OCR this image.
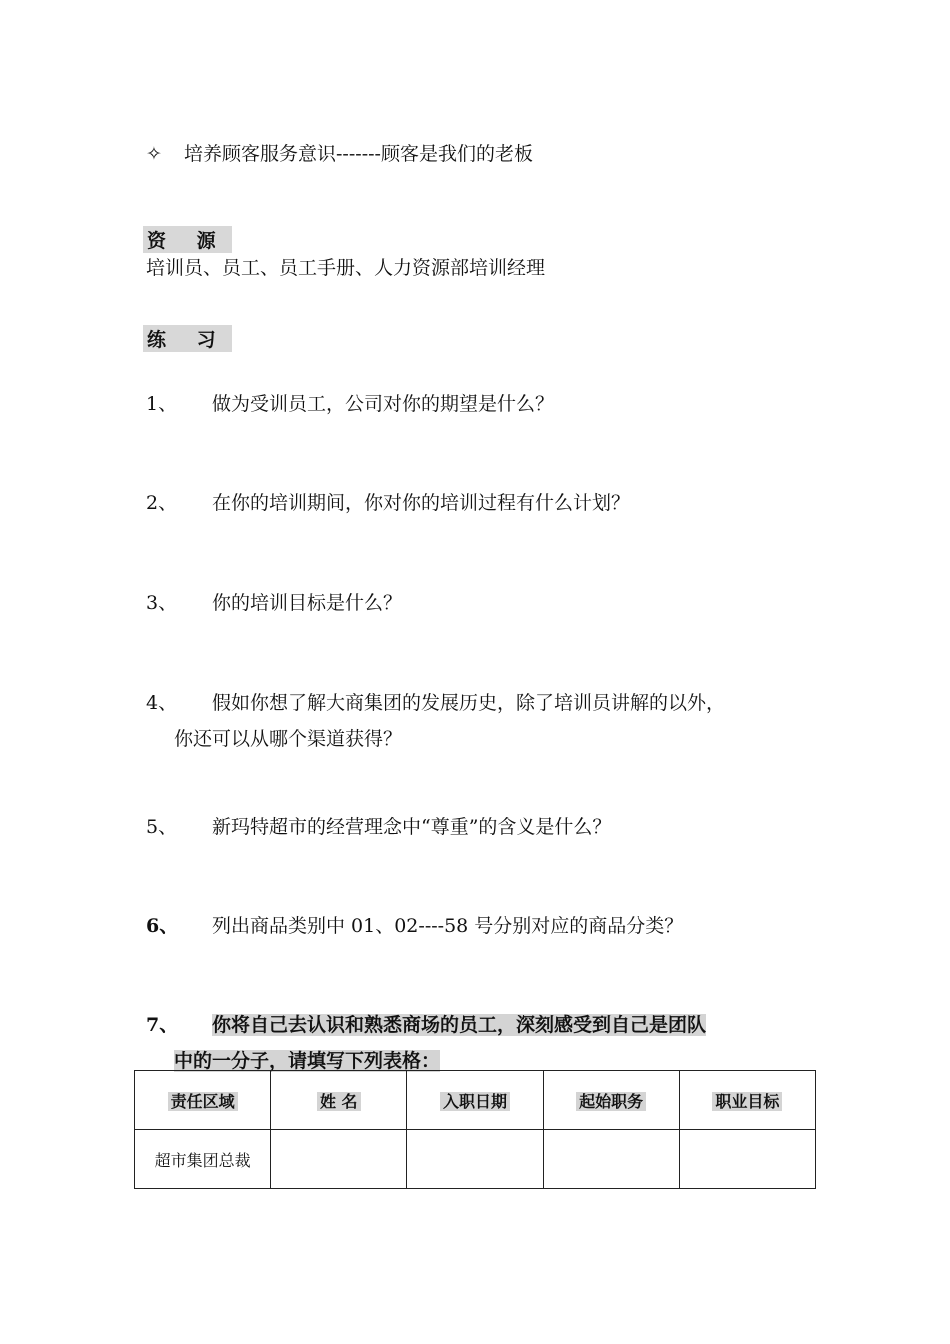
✧ 培养顾客服务意识-------顾客是我们的老板
资 源
培训员、员工、员工手册、人力资源部培训经理
练 习
1、 做为受训员工，公司对你的期望是什么？
2、 在你的培训期间，你对你的培训过程有什么计划？
3、 你的培训目标是什么？
4、 假如你想了解大商集团的发展历史，除了培训员讲解的以外，
你还可以从哪个渠道获得？
5、 新玛特超市的经营理念中“尊重”的含义是什么？
6、 列出商品类别中 01、02----58 号分别对应的商品分类？
7、 你将自己去认识和熟悉商场的员工，深刻感受到自己是团队
中的一分子，请填写下列表格：
责任区域	姓 名	入职日期	起始职务	职业目标
超市集团总裁				
